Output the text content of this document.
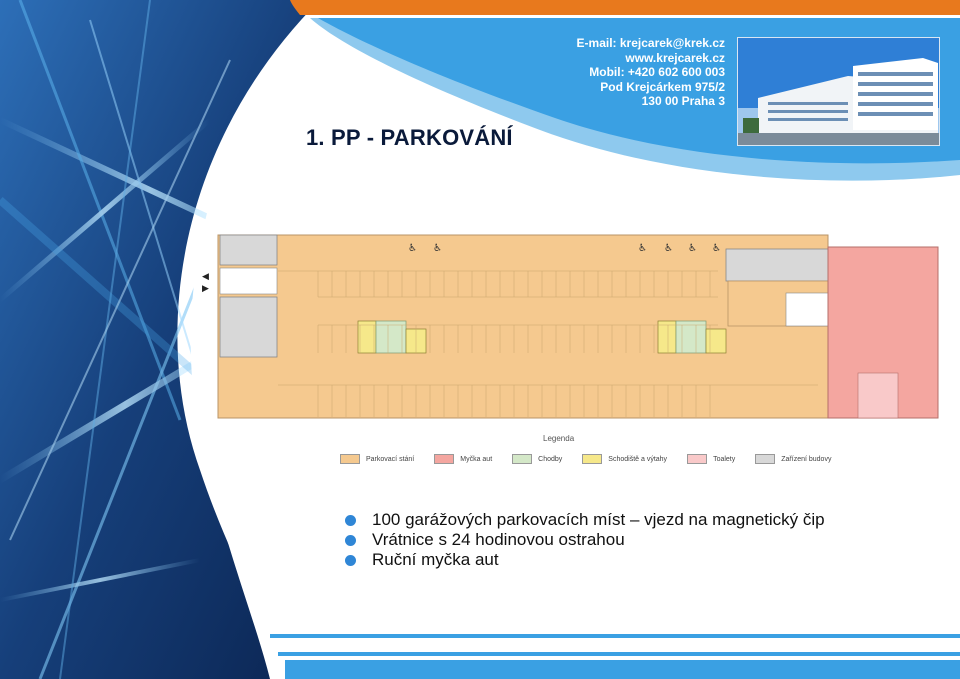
E-mail: krejcarek@krek.cz
www.krejcarek.cz
Mobil: +420 602 600 003
Pod Krejcárkem 975/2
130 00 Praha 3
1. PP - PARKOVÁNÍ
♿ ♿	♿ ♿ ♿ ♿
◀
▶
Legenda
Parkovací stání	Myčka aut	Chodby	Schodiště a výtahy	Toalety	Zařízení budovy
100 garážových parkovacích míst – vjezd na magnetický čip
Vrátnice s 24 hodinovou ostrahou
Ruční myčka aut
